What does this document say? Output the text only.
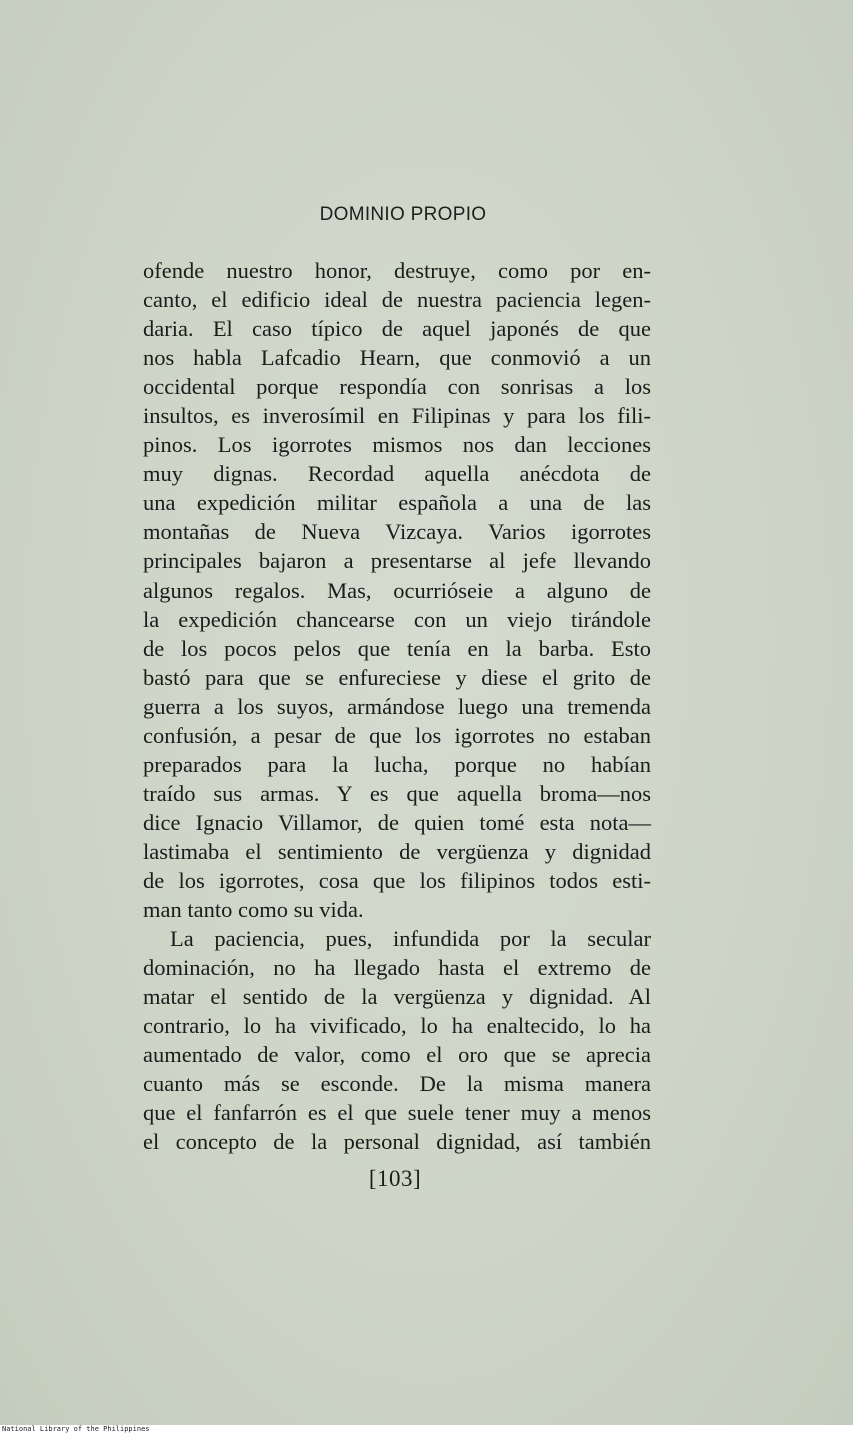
DOMINIO PROPIO
ofende nuestro honor, destruye, como por en-
canto, el edificio ideal de nuestra paciencia legen-
daria. El caso típico de aquel japonés de que
nos habla Lafcadio Hearn, que conmovió a un
occidental porque respondía con sonrisas a los
insultos, es inverosímil en Filipinas y para los fili-
pinos. Los igorrotes mismos nos dan lecciones
muy dignas. Recordad aquella anécdota de
una expedición militar española a una de las
montañas de Nueva Vizcaya. Varios igorrotes
principales bajaron a presentarse al jefe llevando
algunos regalos. Mas, ocurrióseie a alguno de
la expedición chancearse con un viejo tirándole
de los pocos pelos que tenía en la barba. Esto
bastó para que se enfureciese y diese el grito de
guerra a los suyos, armándose luego una tremenda
confusión, a pesar de que los igorrotes no estaban
preparados para la lucha, porque no habían
traído sus armas. Y es que aquella broma—nos
dice Ignacio Villamor, de quien tomé esta nota—
lastimaba el sentimiento de vergüenza y dignidad
de los igorrotes, cosa que los filipinos todos esti-
man tanto como su vida.
La paciencia, pues, infundida por la secular
dominación, no ha llegado hasta el extremo de
matar el sentido de la vergüenza y dignidad. Al
contrario, lo ha vivificado, lo ha enaltecido, lo ha
aumentado de valor, como el oro que se aprecia
cuanto más se esconde. De la misma manera
que el fanfarrón es el que suele tener muy a menos
el concepto de la personal dignidad, así también
[103]
National Library of the Philippines
